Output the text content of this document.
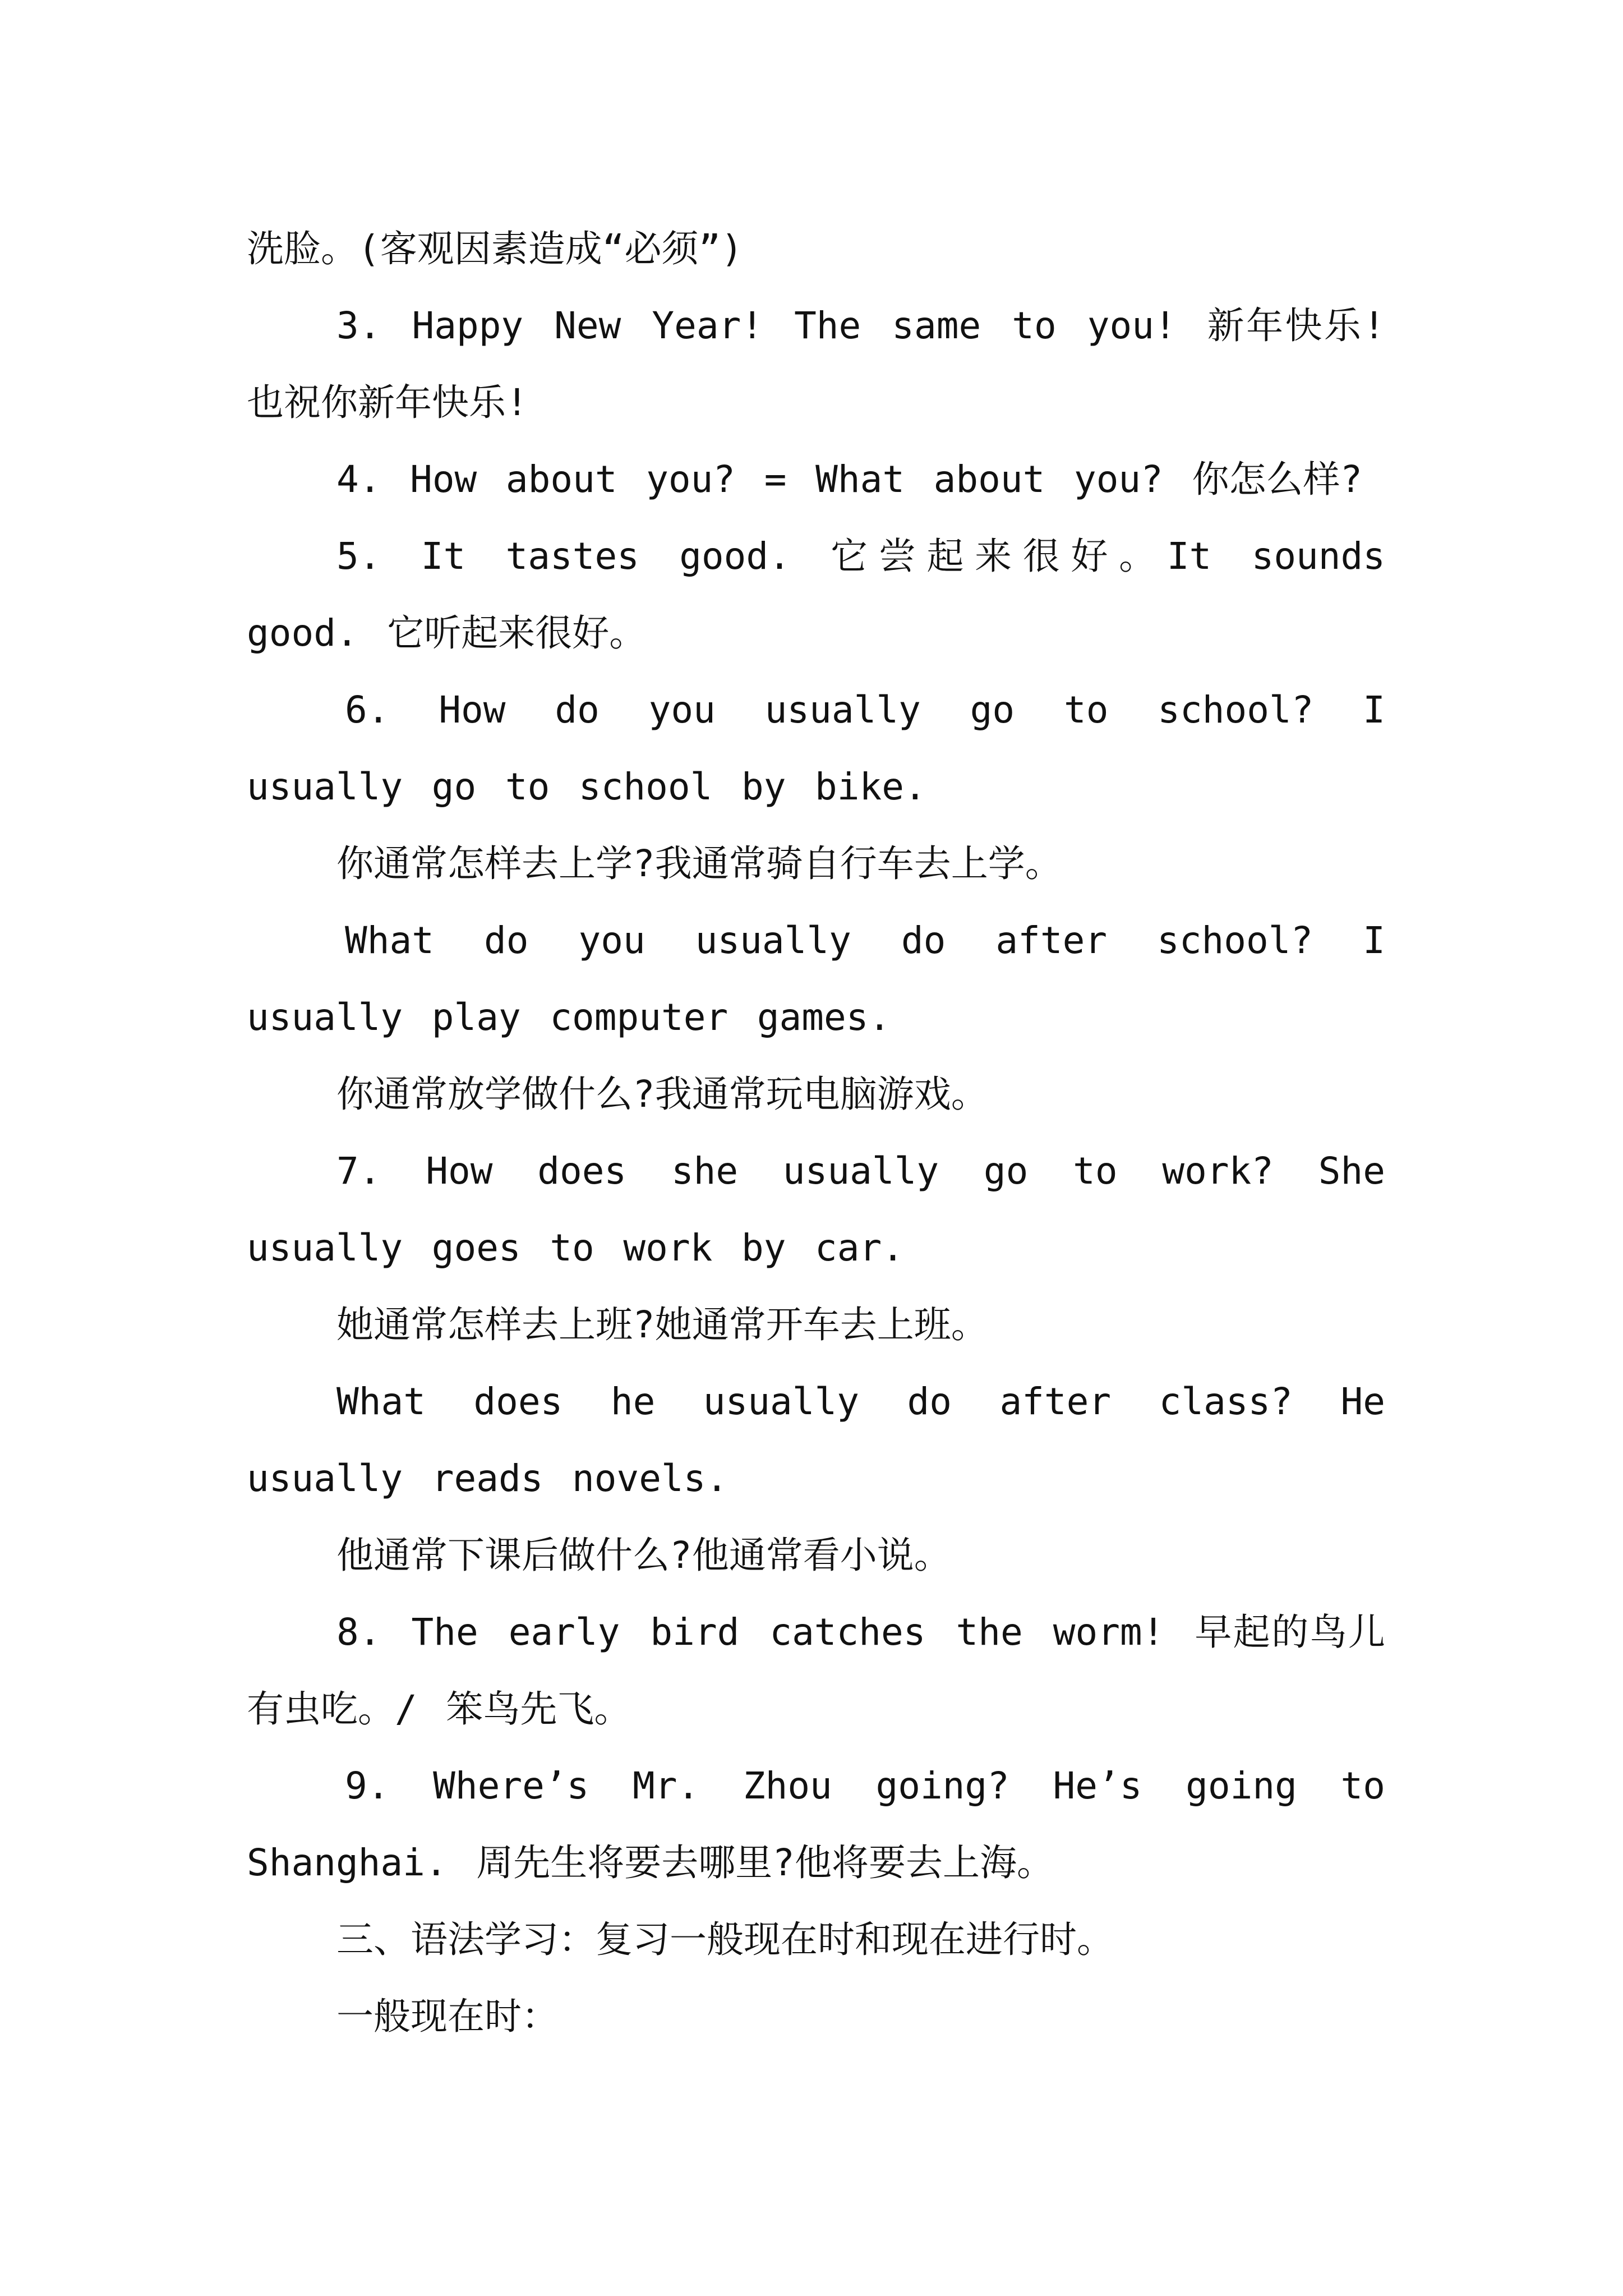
洗脸。(客观因素造成“必须”)

3. Happy New Year! The same to you! 新年快乐!也祝你新年快乐!

4. How about you? = What about you? 你怎么样?

5. It tastes good. 它尝起来很好。It sounds good. 它听起来很好。

6. How do you usually go to school? I usually go to school by bike.

你通常怎样去上学?我通常骑自行车去上学。

What do you usually do after school? I usually play computer games.

你通常放学做什么?我通常玩电脑游戏。

7. How does she usually go to work? She usually goes to work by car.

她通常怎样去上班?她通常开车去上班。

What does he usually do after class? He usually reads novels.

他通常下课后做什么?他通常看小说。

8. The early bird catches the worm! 早起的鸟儿有虫吃。/ 笨鸟先飞。

9. Where’s Mr. Zhou going? He’s going to Shanghai. 周先生将要去哪里?他将要去上海。

三、语法学习：复习一般现在时和现在进行时。

一般现在时：
